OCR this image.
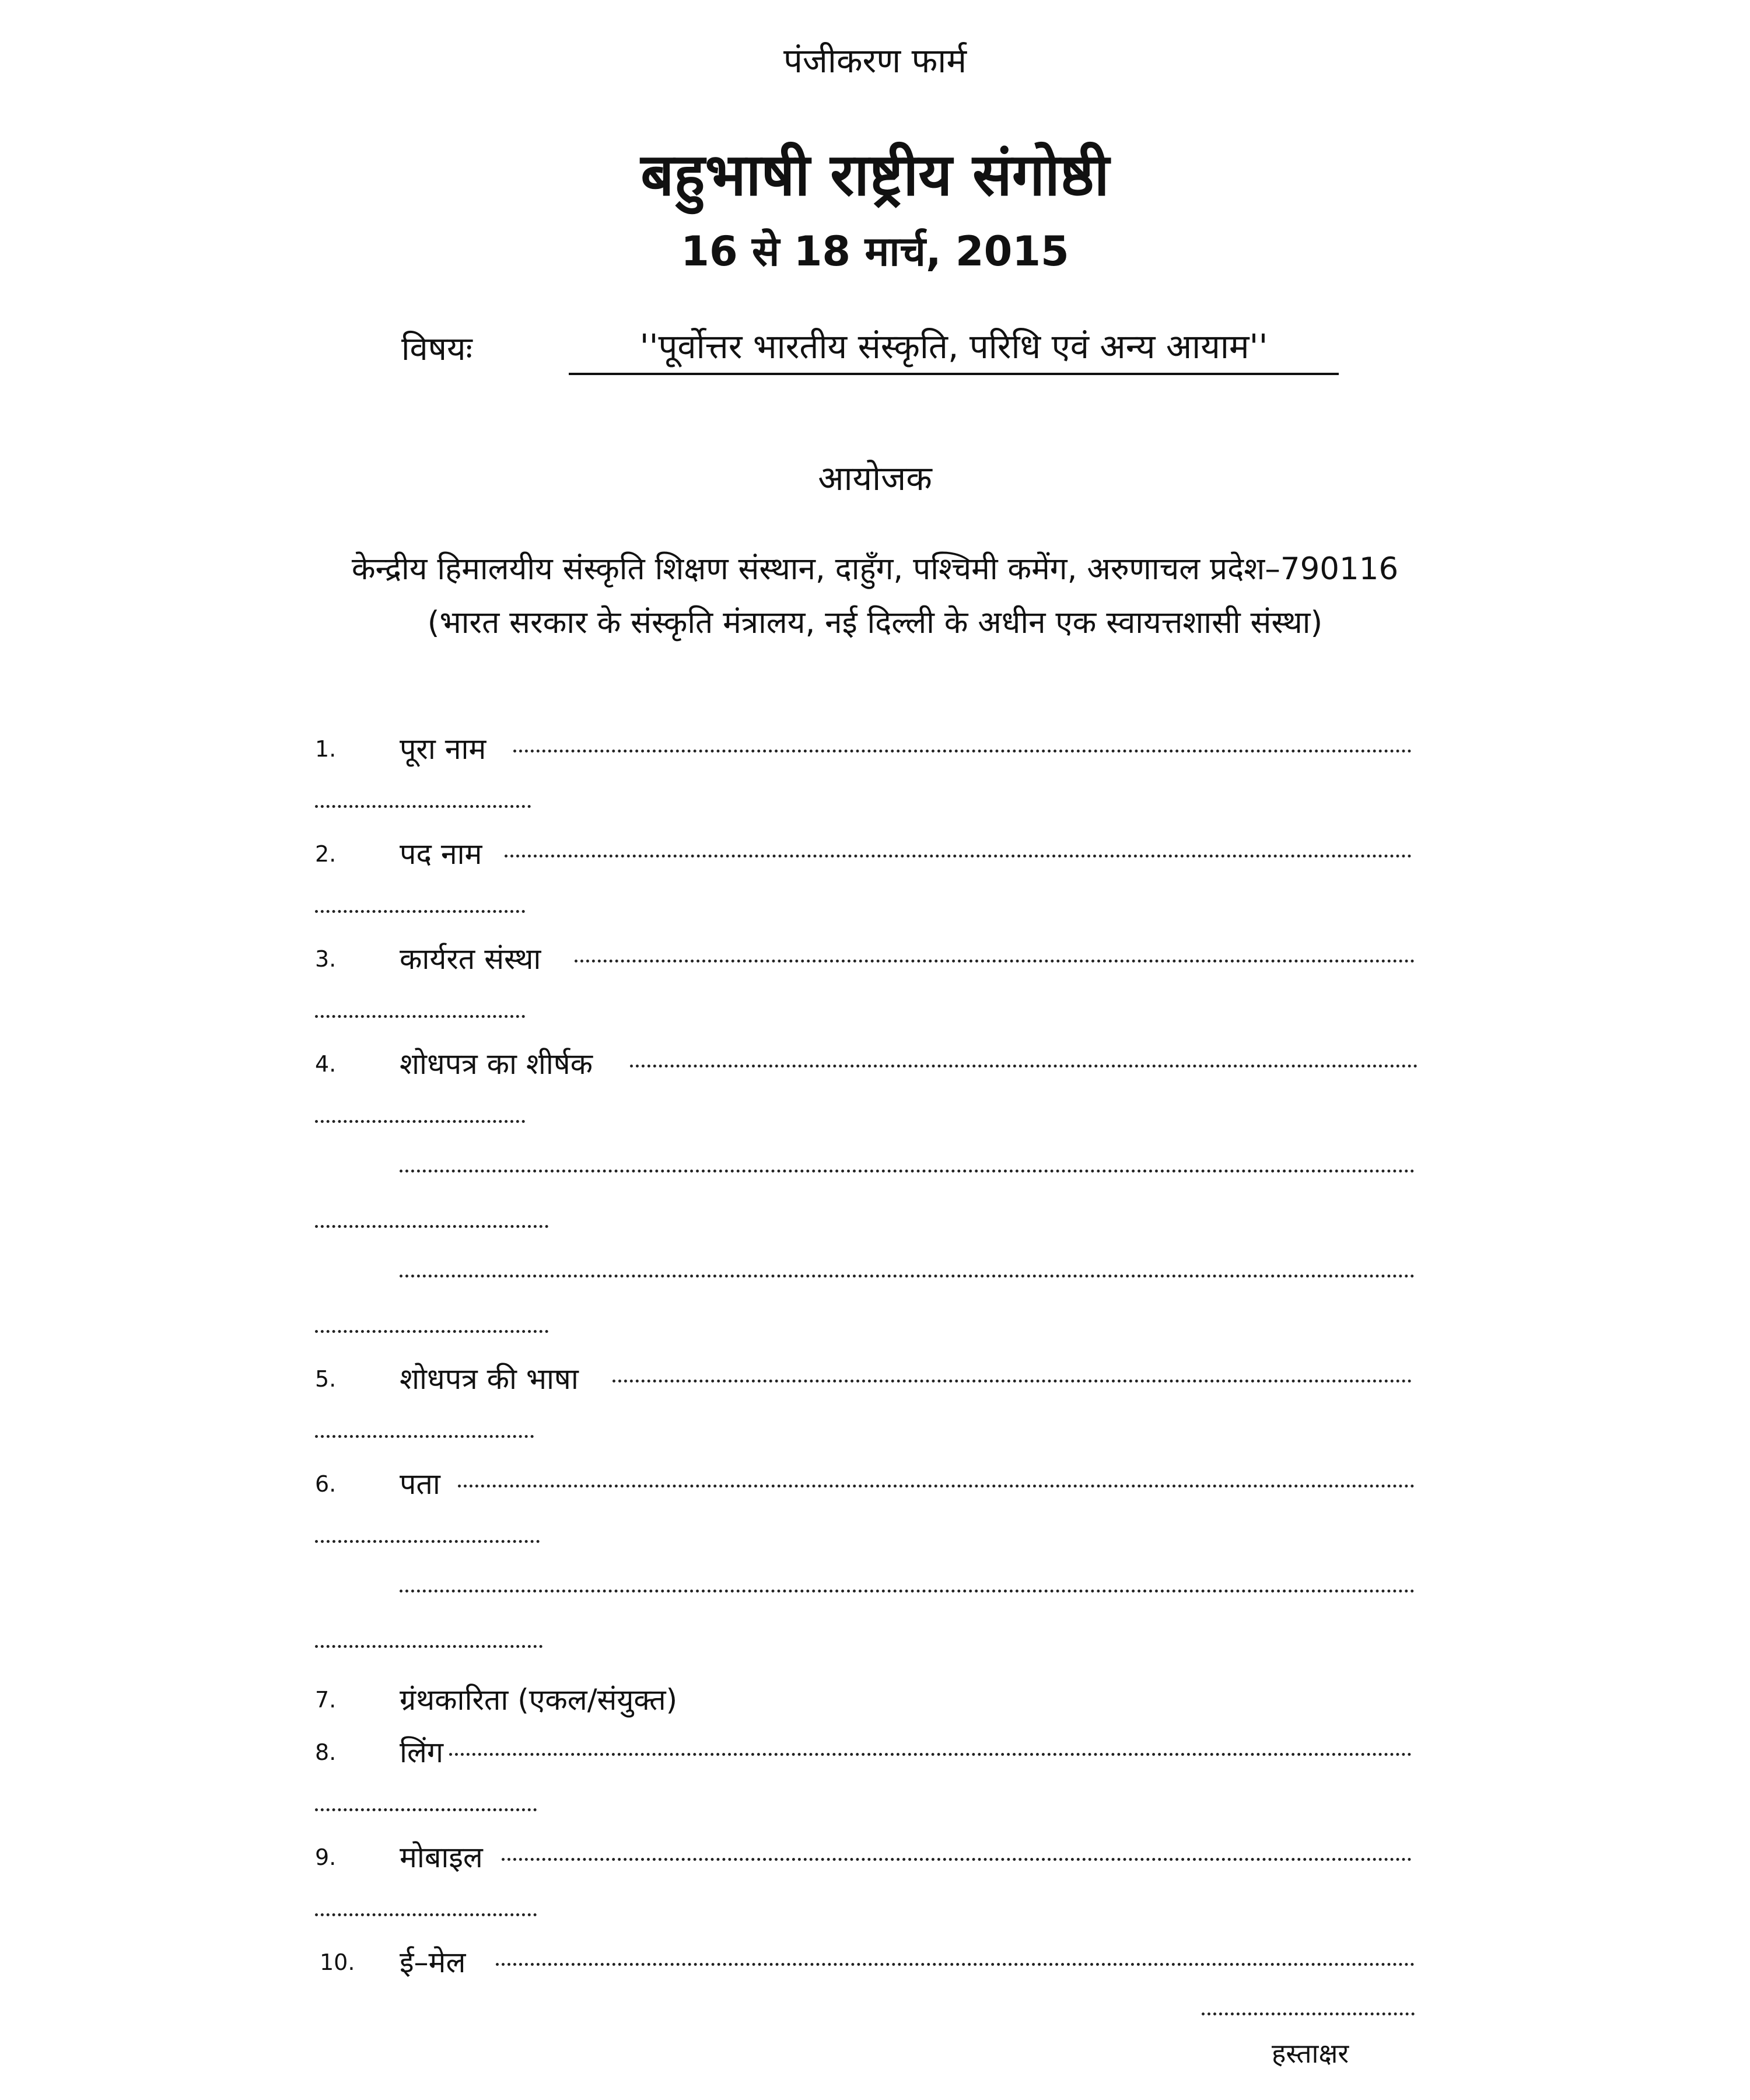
पंजीकरण फार्म
बहुभाषी राष्ट्रीय संगोष्ठी
16 से 18 मार्च, 2015
विषयः	''पूर्वोत्तर भारतीय संस्कृति, परिधि एवं अन्य आयाम''
आयोजक
केन्द्रीय हिमालयीय संस्कृति शिक्षण संस्थान, दाहुँग, पश्चिमी कमेंग, अरुणाचल प्रदेश–790116 (भारत सरकार के संस्कृति मंत्रालय, नई दिल्ली के अधीन एक स्वायत्तशासी संस्था)
1. पूरा नाम
2. पद नाम
3. कार्यरत संस्था
4. शोधपत्र का शीर्षक
5. शोधपत्र की भाषा
6. पता
7. ग्रंथकारिता (एकल/संयुक्त)
8. लिंग
9. मोबाइल
10. ई–मेल
हस्ताक्षर
